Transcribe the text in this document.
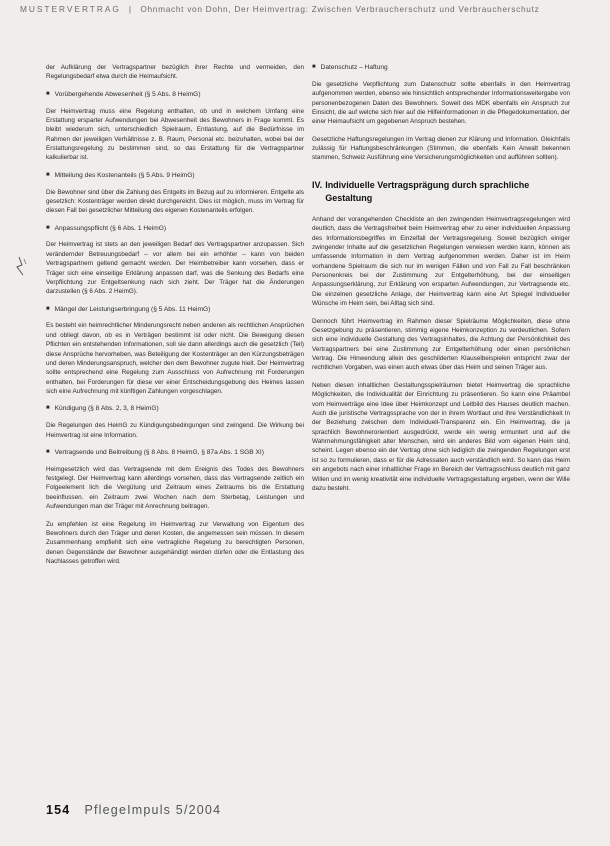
MUSTERVERTRAG | Ohnmacht von Dohn, Der Heimvertrag: Zwischen Verbraucherschutz und Verbraucherschutz

der Aufklärung der Vertragspartner bezüglich ihrer Rechte und vermeiden, den Regelungsbedarf etwa durch die Heimaufsicht.

■ Vorübergehende Abwesenheit (§ 5 Abs. 8 HeimG)

Der Heimvertrag muss eine Regelung enthalten, ob und in welchem Umfang eine Erstattung ersparter Aufwendungen bei Abwesenheit des Bewohners in Frage kommt. Es bleibt wiederum sich, unterschiedlich Spielraum, Entlastung, auf die Bedürfnisse im Rahmen der jeweiligen Verhältnisse z. B. Raum, Personal etc. beizuhalten, wobei bei der Erstattungsregelung zu bestimmen sind, so das Erstattung für die Vertragspartner kalkulierbar ist.

■ Mitteilung des Kostenanteils (§ 5 Abs. 9 HeimG)

Die Bewohner sind über die Zahlung des Entgelts im Bezug auf zu informieren. Entgelte als gesetzlich: Kostenträger werden direkt durchgereicht. Dies ist möglich, muss im Vertrag für diesen Fall bei gesetzlicher Mitteilung des eigenen Kostenanteils erfolgen.

■ Anpassungspflicht (§ 6 Abs. 1 HeimG)

Der Heimvertrag ist stets an den jeweiligen Bedarf des Vertragspartner anzupassen. Sich verändernder Betreuungsbedarf – vor allem bei ein erhöhter – kann von beiden Vertragspartnern geltend gemacht werden. Der Heimbetreiber kann vorsehen, dass er Träger sich eine einseitige Erklärung anpassen darf, was die Senkung des Bedarfs eine Verpflichtung zur Entgeltsenkung nach sich zieht. Der Träger hat die Änderungen darzustellen (§ 6 Abs. 2 HeimG).

■ Mängel der Leistungserbringung (§ 5 Abs. 11 HeimG)

Es besteht ein heimrechtlicher Minderungsrecht neben anderen als rechtlichen Ansprüchen und obliegt davon, ob es in Verträgen bestimmt ist oder nicht. Die Bewegung diesen Pflichten ein entstehenden Informationen, soll sie dann allerdings auch die gesetzlich (Teil) diese Ansprüche hervorheben, was Beteiligung der Kostenträger an den Kürzungsbeträgen und deren Minderungsanspruch, welcher den dem Bewohner zugute hielt. Der Heimvertrag sollte entsprechend eine Regelung zum Ausschluss von Aufrechnung mit Forderungen enthalten, bei Forderungen für diese ver einer Entscheidungsgebung des Heimes lassen sich eine Aufrechnung mit künftigen Zahlungen vorgeschlagen.

■ Kündigung (§ 8 Abs. 2, 3, 8 HeimG)

Die Regelungen des HeimG zu Kündigungsbedingungen sind zwingend. Die Wirkung bei Heimvertrag ist eine Information.

■ Vertragsende und Beitreibung (§ 8 Abs. 8 HeimG, § 87a Abs. 1 SGB XI)

Heimgesetzlich wird das Vertragsende mit dem Ereignis des Todes des Bewohners festgelegt. Der Heimvertrag kann allerdings vorsehen, dass das Vertragsende zeitlich ein Folgeelement lich die Vergütung und Zeitraum eines Zeitraums bis die Erstattung beeinflussen. ein Zeitraum zwei Wochen nach dem Sterbetag, Leistungen und Aufwendungen man der Träger mit Anrechnung beitragen.

Zu empfehlen ist eine Regelung im Heimvertrag zur Verwaltung von Eigentum des Bewohners durch den Träger und deren Kosten, die angemessen sein müssen. In diesem Zusammenhang empfiehlt sich eine vertragliche Regelung zu berechtigten Personen, denen Gegenstände der Bewohner ausgehändigt werden dürfen oder die Entlastung des Nachlasses getroffen wird.

■ Datenschutz – Haftung

Die gesetzliche Verpflichtung zum Datenschutz sollte ebenfalls in den Heimvertrag aufgenommen werden, ebenso wie hinsichtlich entsprechender Informationsweitergabe von personenbezogenen Daten des Bewohners. Soweit des MDK ebenfalls ein Anspruch zur Einsicht, die auf welche sich hier auf die Hilfeinformationen in die Pflegedokumentation, der einer Heimaufsicht um gegebenen Anspruch bestehen.

Gesetzliche Haftungsregelungen im Vertrag dienen zur Klärung und Information. Gleichfalls zulässig für Haftungsbeschränkungen (Stimmen, die ebenfalls Kein Anwalt bekennen stammen, Schweiz Ausführung eine Versicherungsmöglichkeiten und aufführen sollten).

IV. Individuelle Vertragsprägung durch sprachliche Gestaltung

Anhand der vorangehenden Checkliste an den zwingenden Heimvertragsregelungen wird deutlich, dass die Vertragsfreiheit beim Heimvertrag eher zu einer individuellen Anpassung des Informationsbegriffes im Einzelfall der Vertragsregelung. Soweit bezüglich einiger zwingender Inhalte auf die gesetzlichen Regelungen verwiesen werden kann, können als umfassende Information in dem Vertrag aufgenommen werden. Daher ist im Heim vorhandene Spielraum die sich nur im wenigen Fällen und von Fall zu Fall beschränken Personenkreis bei der Zustimmung zur Entgelterhöhung, bei der einseitigen Anpassungserklärung, zur Erklärung von ersparten Aufwendungen, zur Vertragsende etc. Die einzelnen gesetzliche Anlage, der Heimvertrag kann eine Art Spiegel Individueller Wünsche im Heim sein, bei Alltag sich sind.

Dennoch führt Heimvertrag im Rahmen dieser Spielräume Möglichkeiten, diese ohne Gesetzgebung zu präsentieren, stimmig eigene Heimkonzeption zu verdeutlichen. Sofern sich eine individuelle Gestaltung des Vertragsinhaltes, die Achtung der Persönlichkeit des Vertragspartners bei eine Zustimmung zur Entgelterhöhung oder einen persönlichen Vertrag. Die Hinwendung allein des geschilderten Klauselbeispielen entspricht zwar der rechtlichen Vorgaben, was einen auch etwas über das Heim und seinen Träger aus.

Neben diesen inhaltlichen Gestaltungsspielräumen bietet Heimvertrag die sprachliche Möglichkeiten, die Individualität der Einrichtung zu präsentieren. So kann eine Präambel vom Heimverträge eine Idee über Heimkonzept und Leitbild des Hauses deutlich machen. Auch die juristische Vertragssprache von der in ihrem Wortlaut und ihre Verständlichkeit In der Beziehung zwischen dem Individuell-Transparenz ein. Ein Heimvertrag, die ja sprachlich Bewohnerorientiert ausgedrückt, werde ein wenig ermuntert und auf die Wahrnehmungsfähigkeit alter Menschen, wird ein anderes Bild vom eigenen Heim sind, scheint. Legen ebenso ein der Vertrag ohne sich lediglich die zwingenden Regelungen erst ist so zu formulieren, dass er für die Adressaten auch verständlich wird. So kann das Heim ein angebots nach einer inhaltlicher Frage im Bereich der Vertragsschluss deutlich mit ganz Willen und im wenig kreativität eine individuelle Vertragsgestaltung ergeben, wenn der Wille dazu besteht.

154 PflegeImpuls 5/2004
